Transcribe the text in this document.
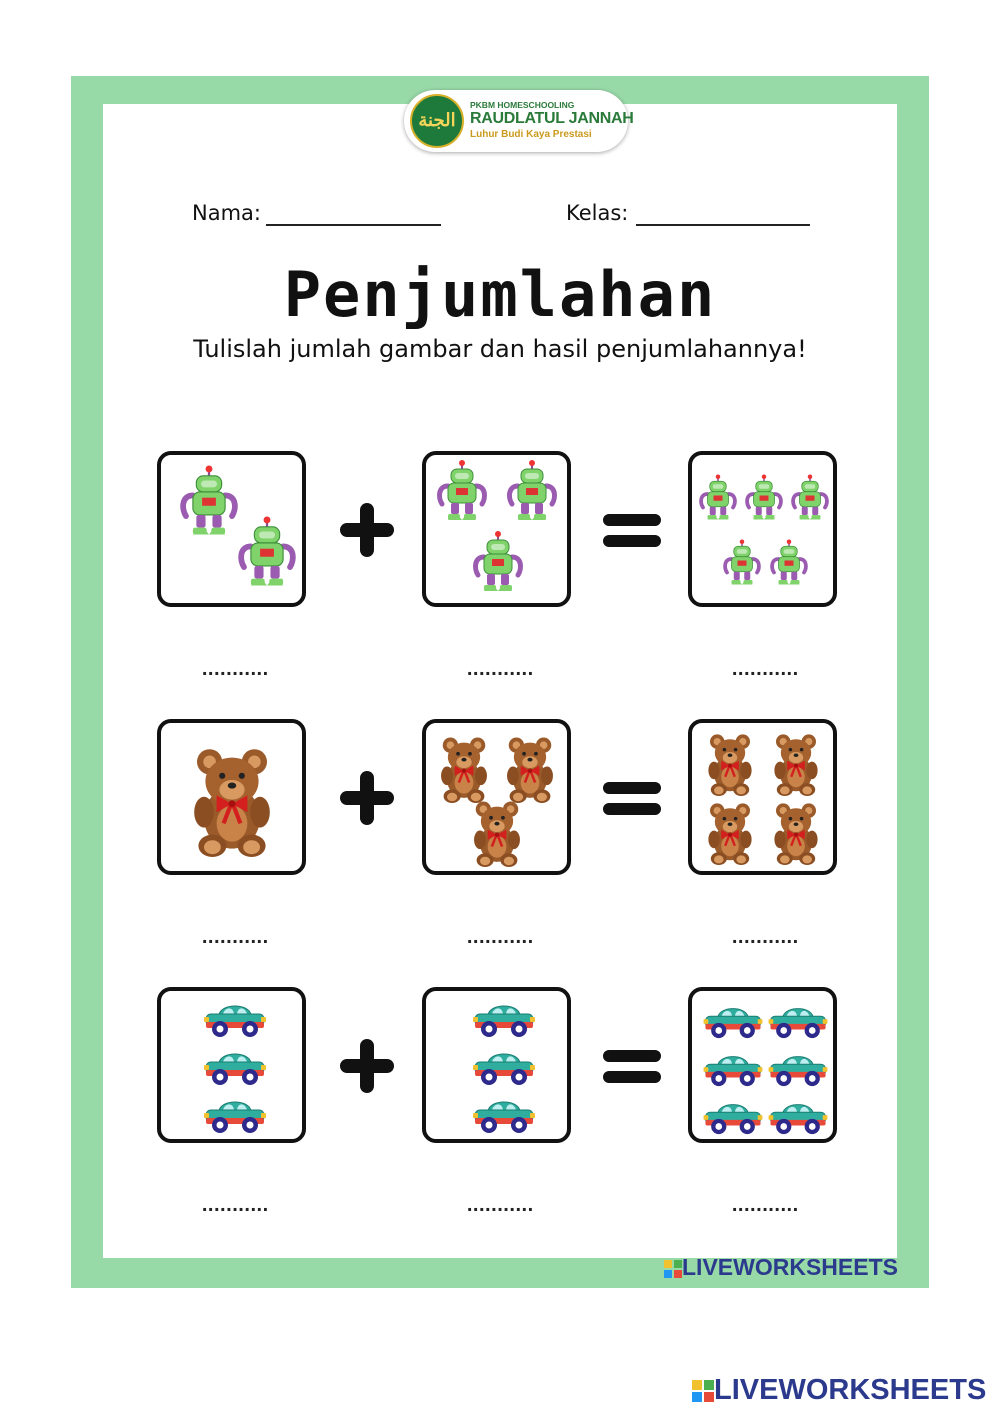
الجنة
PKBM HOMESCHOOLING
RAUDLATUL JANNAH
Luhur Budi Kaya Prestasi
Nama:	Kelas:
Penjumlahan
Tulislah jumlah gambar dan hasil penjumlahannya!
...........	...........	...........
...........	...........	...........
...........	...........	...........
LIVEWORKSHEETS
LIVEWORKSHEETS
